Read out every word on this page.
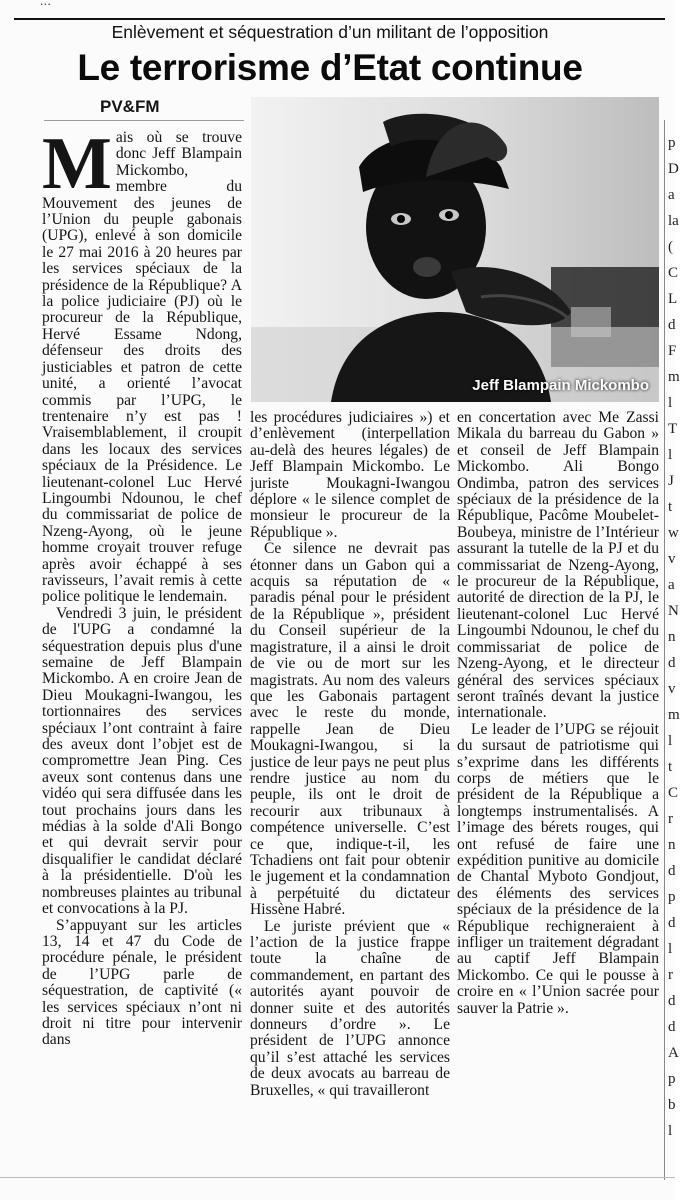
...
Enlèvement et séquestration d’un militant de l’opposition
Le terrorisme d’Etat continue
PV&FM
Jeff Blampain Mickombo

Mais où se trouve donc Jeff Blampain Mickombo, membre du Mouvement des jeunes de l’Union du peuple gabonais (UPG), enlevé à son domicile le 27 mai 2016 à 20 heures par les services spéciaux de la présidence de la République? A la police judiciaire (PJ) où le procureur de la République, Hervé Essame Ndong, défenseur des droits des justiciables et patron de cette unité, a orienté l’avocat commis par l’UPG, le trentenaire n’y est pas ! Vraisemblablement, il croupit dans les locaux des services spéciaux de la Présidence. Le lieutenant-colonel Luc Hervé Lingoumbi Ndounou, le chef du commissariat de police de Nzeng-Ayong, où le jeune homme croyait trouver refuge après avoir échappé à ses ravisseurs, l’avait remis à cette police politique le lendemain.

Vendredi 3 juin, le président de l'UPG a condamné la séquestration depuis plus d'une semaine de Jeff Blampain Mickombo. A en croire Jean de Dieu Moukagni-Iwangou, les tortionnaires des services spéciaux l’ont contraint à faire des aveux dont l’objet est de compromettre Jean Ping. Ces aveux sont contenus dans une vidéo qui sera diffusée dans les tout prochains jours dans les médias à la solde d'Ali Bongo et qui devrait servir pour disqualifier le candidat déclaré à la présidentielle. D'où les nombreuses plaintes au tribunal et convocations à la PJ.

S’appuyant sur les articles 13, 14 et 47 du Code de procédure pénale, le président de l’UPG parle de séquestration, de captivité (« les services spéciaux n’ont ni droit ni titre pour intervenir dans

les procédures judiciaires ») et d’enlèvement (interpellation au-delà des heures légales) de Jeff Blampain Mickombo. Le juriste Moukagni-Iwangou déplore « le silence complet de monsieur le procureur de la République ».

Ce silence ne devrait pas étonner dans un Gabon qui a acquis sa réputation de « paradis pénal pour le président de la République », président du Conseil supérieur de la magistrature, il a ainsi le droit de vie ou de mort sur les magistrats. Au nom des valeurs que les Gabonais partagent avec le reste du monde, rappelle Jean de Dieu Moukagni-Iwangou, si la justice de leur pays ne peut plus rendre justice au nom du peuple, ils ont le droit de recourir aux tribunaux à compétence universelle. C’est ce que, indique-t-il, les Tchadiens ont fait pour obtenir le jugement et la condamnation à perpétuité du dictateur Hissène Habré.

Le juriste prévient que « l’action de la justice frappe toute la chaîne de commandement, en partant des autorités ayant pouvoir de donner suite et des autorités donneurs d’ordre ». Le président de l’UPG annonce qu’il s’est attaché les services de deux avocats au barreau de Bruxelles, « qui travailleront

en concertation avec Me Zassi Mikala du barreau du Gabon » et conseil de Jeff Blampain Mickombo. Ali Bongo Ondimba, patron des services spéciaux de la présidence de la République, Pacôme Moubelet-Boubeya, ministre de l’Intérieur assurant la tutelle de la PJ et du commissariat de Nzeng-Ayong, le procureur de la République, autorité de direction de la PJ, le lieutenant-colonel Luc Hervé Lingoumbi Ndounou, le chef du commissariat de police de Nzeng-Ayong, et le directeur général des services spéciaux seront traînés devant la justice internationale.

Le leader de l’UPG se réjouit du sursaut de patriotisme qui s’exprime dans les différents corps de métiers que le président de la République a longtemps instrumentalisés. A l’image des bérets rouges, qui ont refusé de faire une expédition punitive au domicile de Chantal Myboto Gondjout, des éléments des services spéciaux de la présidence de la République rechigneraient à infliger un traitement dégradant au captif Jeff Blampain Mickombo. Ce qui le pousse à croire en « l’Union sacrée pour sauver la Patrie ».

p
D
a
la
(
C
L
d
F
m
l
T
l
J
t
w
v
a
N
n
d
v
m
l
t
C
r
n
d
p
d
l
r
d
d
A
p
b
l
